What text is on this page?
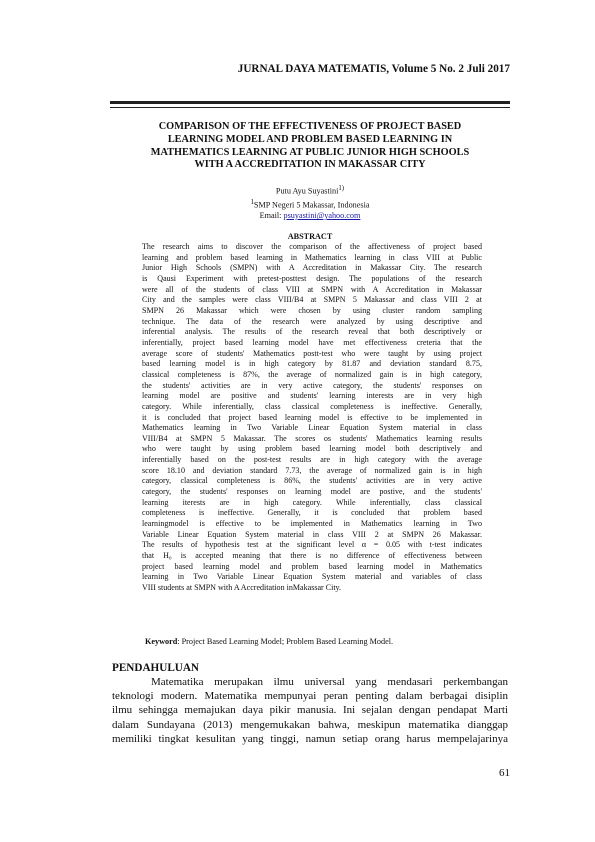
JURNAL DAYA MATEMATIS, Volume 5 No. 2 Juli 2017
COMPARISON OF THE EFFECTIVENESS OF PROJECT BASED
LEARNING MODEL AND PROBLEM BASED LEARNING IN
MATHEMATICS LEARNING AT PUBLIC JUNIOR HIGH SCHOOLS
WITH A ACCREDITATION IN MAKASSAR CITY
Putu Ayu Suyastini$^{1)}$
$^1$SMP Negeri 5 Makassar, Indonesia
Email: psuyastini@yahoo.com
ABSTRACT
The research aims to discover the comparison of the affectiveness of project based
learning and problem based learning in Mathematics learning in class VIII at Public
Junior High Schools (SMPN) with A Accreditation in Makassar City. The research
is Qausi Experiment with pretest-posttest design. The populations of the research
were all of the students of class VIII at SMPN with A Accreditation in Makassar
City and the samples were class VIII/B4 at SMPN 5 Makassar and class VIII 2 at
SMPN 26 Makassar which were chosen by using cluster random sampling
technique. The data of the research were analyzed by using descriptive and
inferential analysis. The results of the research reveal that both descriptively or
inferentially, project based learning model have met effectiveness creteria that the
average score of students' Mathematics postt-test who were taught by using project
based learning model is in high category by 81.87 and deviation standard 8.75,
classical completeness is 87%, the average of normalized gain is in high category,
the students' activities are in very active category, the students' responses on
learning model are positive and students' learning interests are in very high
category. While inferentially, class classical completeness is ineffective. Generally,
it is concluded that project based learning model is effective to be implemented in
Mathematics learning in Two Variable Linear Equation System material in class
VIII/B4 at SMPN 5 Makassar. The scores os students' Mathematics learning results
who were taught by using problem based learning model both descriptively and
inferentially based on the post-test results are in high category with the average
score 18.10 and deviation standard 7.73, the average of normalized gain is in high
category, classical completeness is 86%, the students' activities are in very active
category, the students' responses on learning model are postive, and the students'
learning iterests are in high category. While inferentially, class classical
completeness is ineffective. Generally, it is concluded that problem based
learningmodel is effective to be implemented in Mathematics learning in Two
Variable Linear Equation System material in class VIII 2 at SMPN 26 Makassar.
The results of hypothesis test at the significant level α = 0.05 with t-test indicates
that H₀ is accepted meaning that there is no difference of effectiveness between
project based learning model and problem based learning model in Mathematics
learning in Two Variable Linear Equation System material and variables of class
VIII students at SMPN with A Accreditation inMakassar City.
Keyword: Project Based Learning Model; Problem Based Learning Model.
PENDAHULUAN
Matematika merupakan ilmu universal yang mendasari perkembangan
teknologi modern. Matematika mempunyai peran penting dalam berbagai disiplin
ilmu sehingga memajukan daya pikir manusia. Ini sejalan dengan pendapat Marti
dalam Sundayana (2013) mengemukakan bahwa, meskipun matematika dianggap
memiliki tingkat kesulitan yang tinggi, namun setiap orang harus mempelajarinya
61
